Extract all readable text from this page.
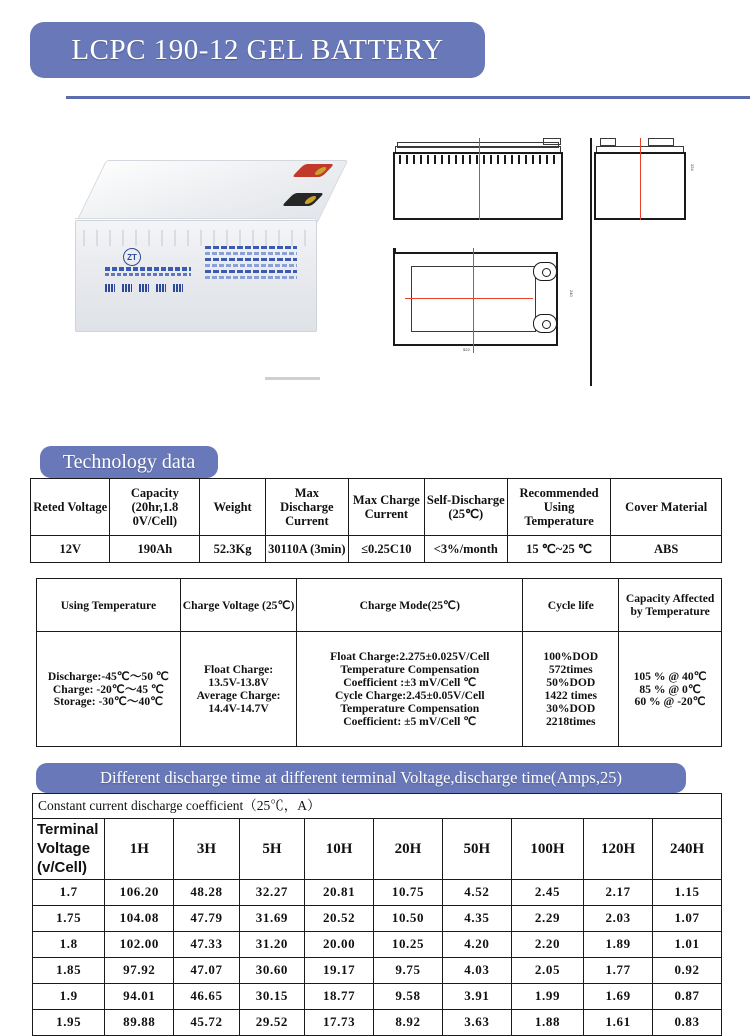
LCPC 190-12 GEL BATTERY
ZT
224
522
240
Technology data
Reted Voltage	Capacity (20hr,1.8 0V/Cell)	Weight	Max Discharge Current	Max Charge Current	Self-Discharge (25℃)	Recommended Using Temperature	Cover Material
12V	190Ah	52.3Kg	30110A (3min)	≤0.25C10	<3%/month	15 ℃~25 ℃	ABS
Using Temperature	Charge Voltage (25℃)	Charge Mode(25℃)	Cycle life	Capacity Affected by Temperature
Discharge:-45℃～50 ℃
Charge: -20℃～45 ℃
Storage: -30℃～40℃	Float Charge:
13.5V-13.8V
Average Charge:
14.4V-14.7V	Float Charge:2.275±0.025V/Cell
Temperature Compensation
Coefficient :±3 mV/Cell ℃
Cycle Charge:2.45±0.05V/Cell
Temperature Compensation
Coefficient: ±5 mV/Cell ℃	100%DOD
572times
50%DOD
1422 times
30%DOD
2218times	105 % @ 40℃
85 % @ 0℃
60 % @ -20℃
Different discharge time at different terminal Voltage,discharge time(Amps,25)
Constant current discharge coefficient（25℃，A）									
Terminal
Voltage
(v/Cell)	1H	3H	5H	10H	20H	50H	100H	120H	240H
1.7	106.20	48.28	32.27	20.81	10.75	4.52	2.45	2.17	1.15
1.75	104.08	47.79	31.69	20.52	10.50	4.35	2.29	2.03	1.07
1.8	102.00	47.33	31.20	20.00	10.25	4.20	2.20	1.89	1.01
1.85	97.92	47.07	30.60	19.17	9.75	4.03	2.05	1.77	0.92
1.9	94.01	46.65	30.15	18.77	9.58	3.91	1.99	1.69	0.87
1.95	89.88	45.72	29.52	17.73	8.92	3.63	1.88	1.61	0.83
